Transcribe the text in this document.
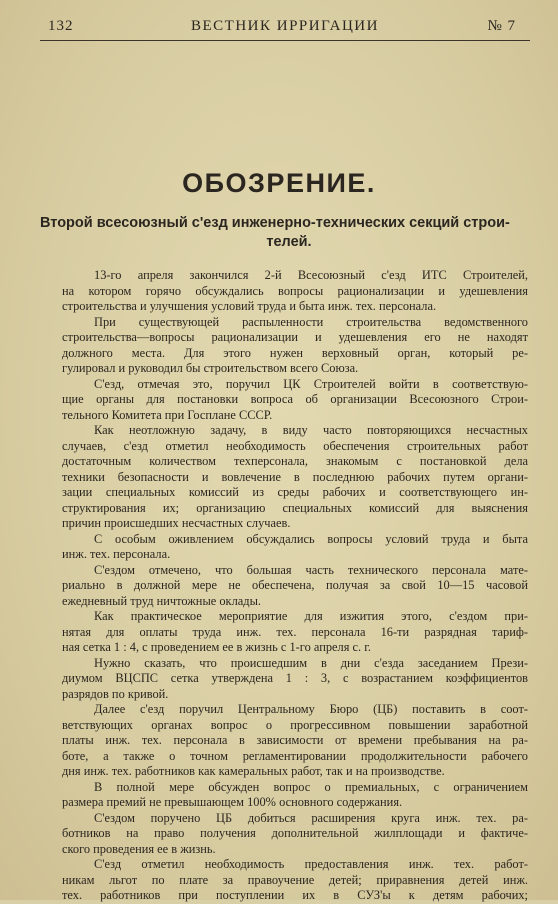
132	ВЕСТНИК ИРРИГАЦИИ	№ 7
ОБОЗРЕНИЕ.
Второй всесоюзный с'езд инженерно-технических секций строи-
телей.
13-го апреля закончился 2-й Всесоюзный с'езд ИТС Строителей,
на котором горячо обсуждались вопросы рационализации и удешевления
строительства и улучшения условий труда и быта инж. тех. персонала.
При существующей распыленности строительства ведомственного
строительства—вопросы рационализации и удешевления его не находят
должного места. Для этого нужен верховный орган, который ре-
гулировал и руководил бы строительством всего Союза.
С'езд, отмечая это, поручил ЦК Строителей войти в соответствую-
щие органы для постановки вопроса об организации Всесоюзного Строи-
тельного Комитета при Госплане СССР.
Как неотложную задачу, в виду часто повторяющихся несчастных
случаев, с'езд отметил необходимость обеспечения строительных работ
достаточным количеством техперсонала, знакомым с постановкой дела
техники безопасности и вовлечение в последнюю рабочих путем органи-
зации специальных комиссий из среды рабочих и соответствующего ин-
структирования их; организацию специальных комиссий для выяснения
причин происшедших несчастных случаев.
С особым оживлением обсуждались вопросы условий труда и быта
инж. тех. персонала.
С'ездом отмечено, что большая часть технического персонала мате-
риально в должной мере не обеспечена, получая за свой 10—15 часовой
ежедневный труд ничтожные оклады.
Как практическое мероприятие для изжития этого, с'ездом при-
нятая для оплаты труда инж. тех. персонала 16-ти разрядная тариф-
ная сетка 1 : 4, с проведением ее в жизнь с 1-го апреля с. г.
Нужно сказать, что происшедшим в дни с'езда заседанием Прези-
диумом ВЦСПС сетка утверждена 1 : 3, с возрастанием коэффициентов
разрядов по кривой.
Далее с'езд поручил Центральному Бюро (ЦБ) поставить в соот-
ветствующих органах вопрос о прогрессивном повышении заработной
платы инж. тех. персонала в зависимости от времени пребывания на ра-
боте, а также о точном регламентировании продолжительности рабочего
дня инж. тех. работников как камеральных работ, так и на производстве.
В полной мере обсужден вопрос о премиальных, с ограничением
размера премий не превышающем 100% основного содержания.
С'ездом поручено ЦБ добиться расширения круга инж. тех. ра-
ботников на право получения дополнительной жилплощади и фактиче-
ского проведения ее в жизнь.
С'езд отметил необходимость предоставления инж. тех. работ-
никам льгот по плате за правоучение детей; приравнения детей инж.
тех. работников при поступлении их в СУЗ'ы к детям рабочих;
